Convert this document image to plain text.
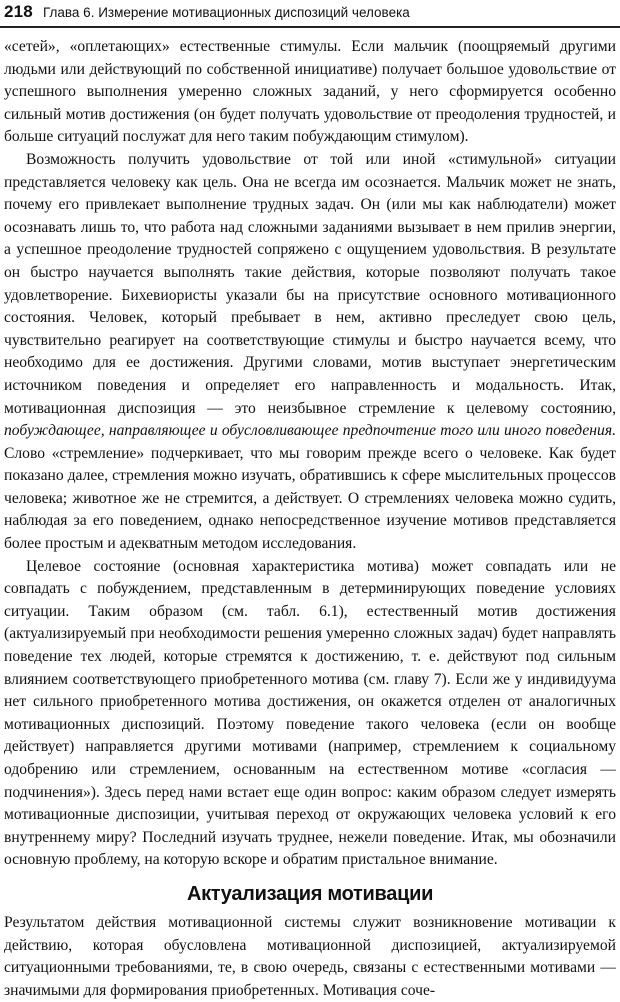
218 Глава 6. Измерение мотивационных диспозиций человека

«сетей», «оплетающих» естественные стимулы. Если мальчик (поощряемый другими людьми или действующий по собственной инициативе) получает большое удовольствие от успешного выполнения умеренно сложных заданий, у него сформируется особенно сильный мотив достижения (он будет получать удовольствие от преодоления трудностей, и больше ситуаций послужат для него таким побуждающим стимулом).

Возможность получить удовольствие от той или иной «стимульной» ситуации представляется человеку как цель. Она не всегда им осознается. Мальчик может не знать, почему его привлекает выполнение трудных задач. Он (или мы как наблюдатели) может осознавать лишь то, что работа над сложными заданиями вызывает в нем прилив энергии, а успешное преодоление трудностей сопряжено с ощущением удовольствия. В результате он быстро научается выполнять такие действия, которые позволяют получать такое удовлетворение. Бихевиористы указали бы на присутствие основного мотивационного состояния. Человек, который пребывает в нем, активно преследует свою цель, чувствительно реагирует на соответствующие стимулы и быстро научается всему, что необходимо для ее достижения. Другими словами, мотив выступает энергетическим источником поведения и определяет его направленность и модальность. Итак, мотивационная диспозиция — это неизбывное стремление к целевому состоянию, побуждающее, направляющее и обусловливающее предпочтение того или иного поведения. Слово «стремление» подчеркивает, что мы говорим прежде всего о человеке. Как будет показано далее, стремления можно изучать, обратившись к сфере мыслительных процессов человека; животное же не стремится, а действует. О стремлениях человека можно судить, наблюдая за его поведением, однако непосредственное изучение мотивов представляется более простым и адекватным методом исследования.

Целевое состояние (основная характеристика мотива) может совпадать или не совпадать с побуждением, представленным в детерминирующих поведение условиях ситуации. Таким образом (см. табл. 6.1), естественный мотив достижения (актуализируемый при необходимости решения умеренно сложных задач) будет направлять поведение тех людей, которые стремятся к достижению, т. е. действуют под сильным влиянием соответствующего приобретенного мотива (см. главу 7). Если же у индивидуума нет сильного приобретенного мотива достижения, он окажется отделен от аналогичных мотивационных диспозиций. Поэтому поведение такого человека (если он вообще действует) направляется другими мотивами (например, стремлением к социальному одобрению или стремлением, основанным на естественном мотиве «согласия — подчинения»). Здесь перед нами встает еще один вопрос: каким образом следует измерять мотивационные диспозиции, учитывая переход от окружающих человека условий к его внутреннему миру? Последний изучать труднее, нежели поведение. Итак, мы обозначили основную проблему, на которую вскоре и обратим пристальное внимание.

Актуализация мотивации

Результатом действия мотивационной системы служит возникновение мотивации к действию, которая обусловлена мотивационной диспозицией, актуализируемой ситуационными требованиями, те, в свою очередь, связаны с естественными мотивами — значимыми для формирования приобретенных. Мотивация соче-
